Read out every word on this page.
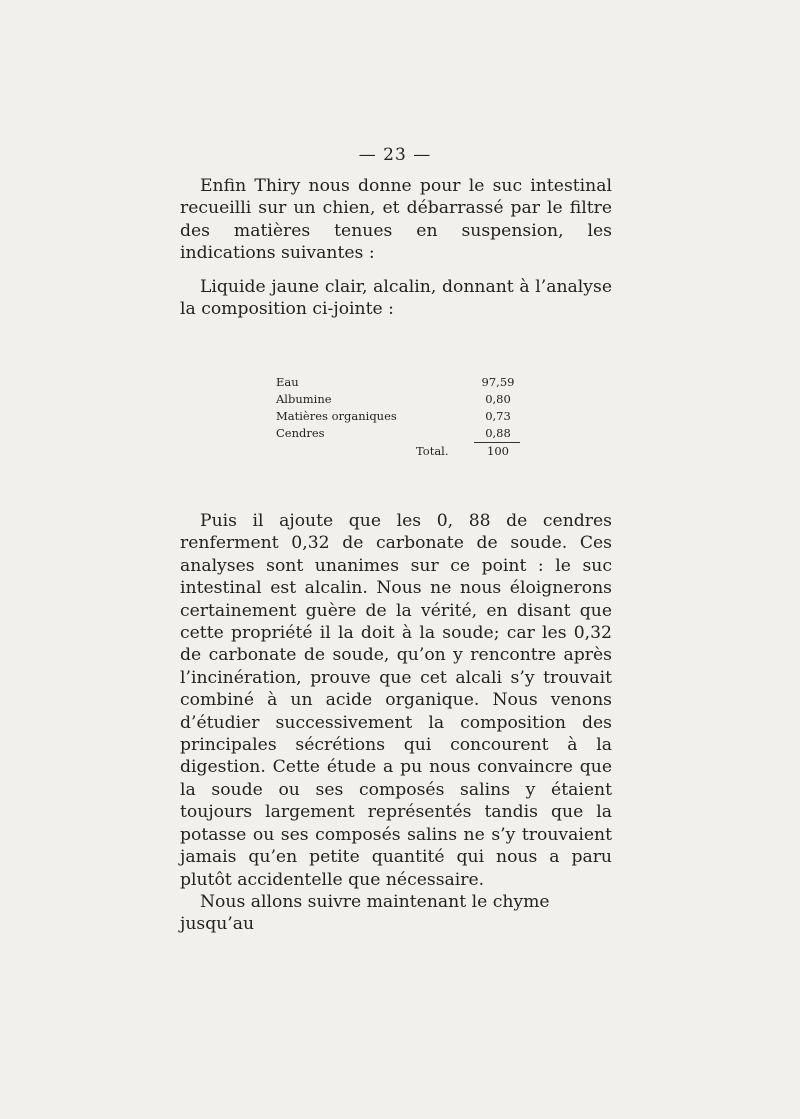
— 23 —

Enfin Thiry nous donne pour le suc intestinal recueilli sur un chien, et débarrassé par le filtre des matières tenues en suspension, les indications suivantes :

Liquide jaune clair, alcalin, donnant à l’analyse la composition ci-jointe :

Eau	97,59
Albumine	0,80
Matières organiques	0,73
Cendres	0,88
Total.	100

Puis il ajoute que les 0, 88 de cendres renferment 0,32 de carbonate de soude. Ces analyses sont unanimes sur ce point : le suc intestinal est alcalin. Nous ne nous éloignerons certainement guère de la vérité, en disant que cette propriété il la doit à la soude; car les 0,32 de carbonate de soude, qu’on y rencontre après l’incinération, prouve que cet alcali s’y trouvait combiné à un acide organique. Nous venons d’étudier successivement la composition des principales sécrétions qui concourent à la digestion. Cette étude a pu nous convaincre que la soude ou ses composés salins y étaient toujours largement représentés tandis que la potasse ou ses composés salins ne s’y trouvaient jamais qu’en petite quantité qui nous a paru plutôt accidentelle que nécessaire.

Nous allons suivre maintenant le chyme jusqu’au
